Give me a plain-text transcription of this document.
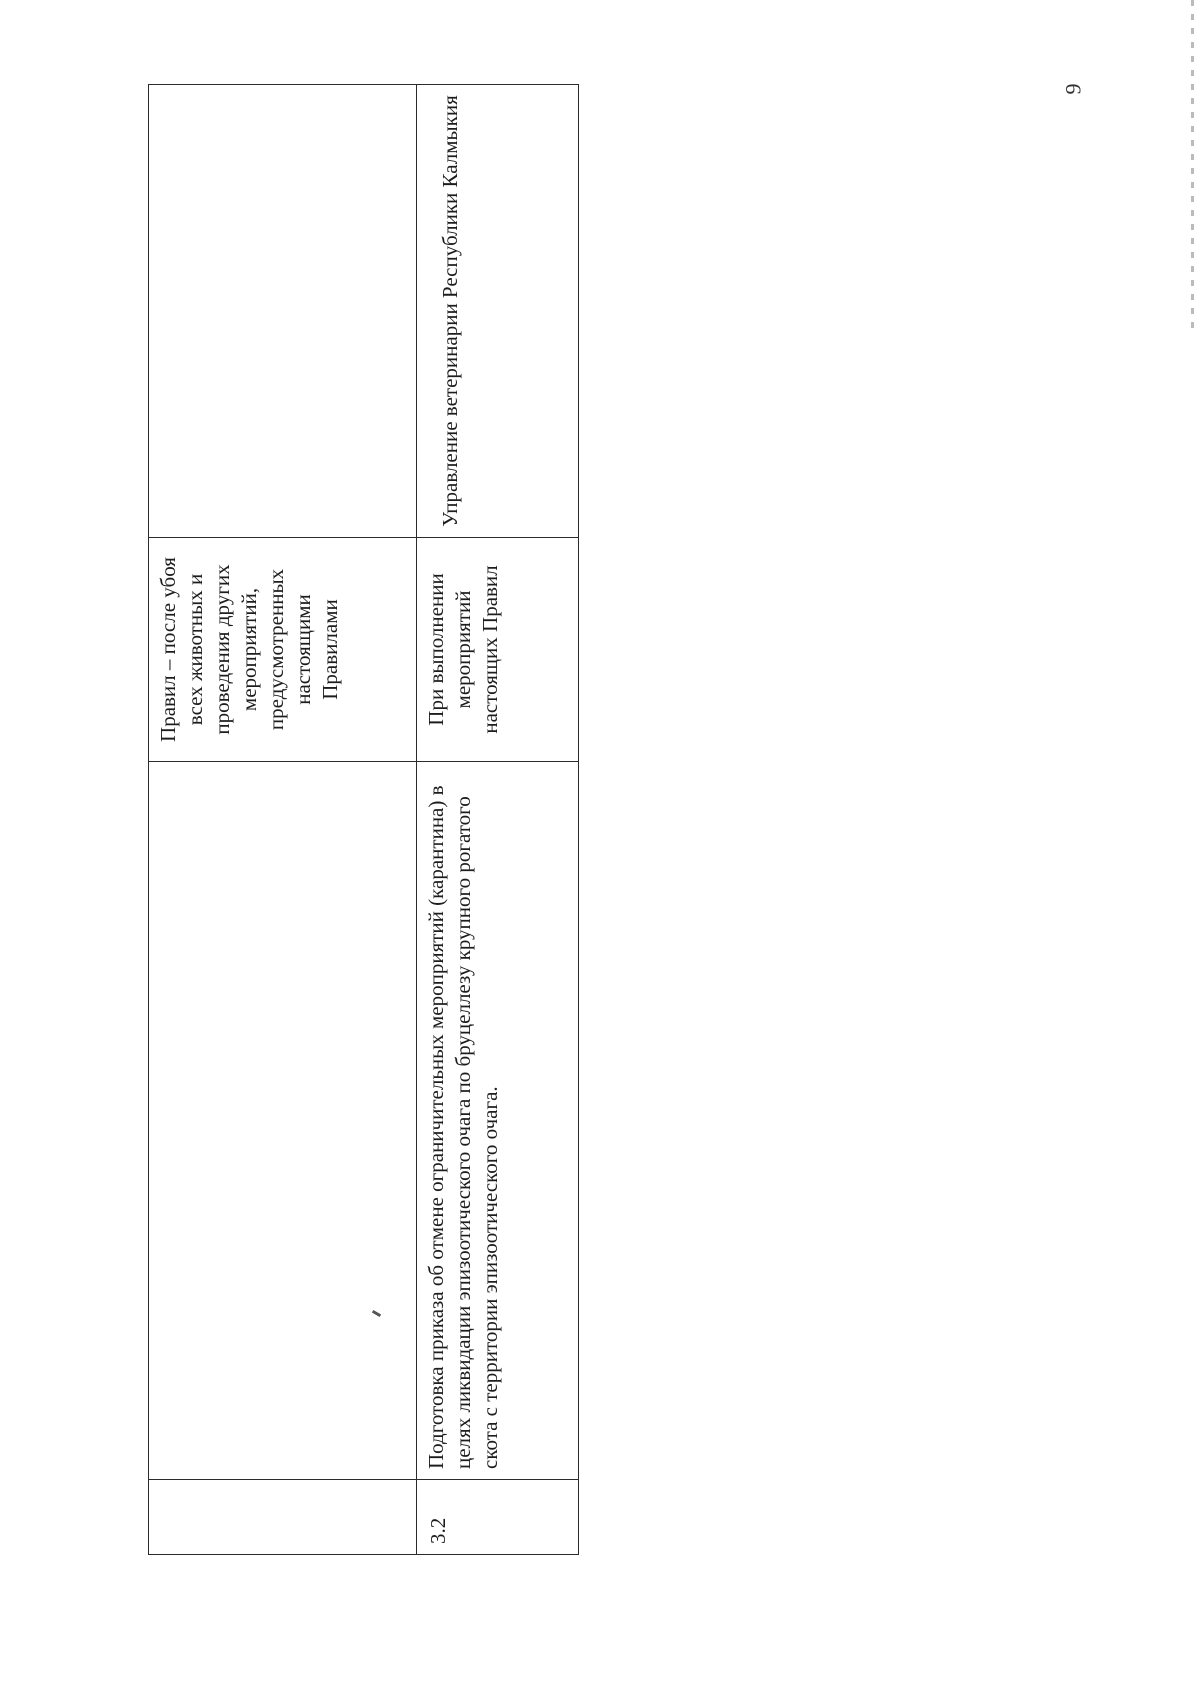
9
		Правил – после убоя всех животных и проведения других мероприятий, предусмотренных настоящими Правилами	
3.2	Подготовка приказа об отмене ограничительных мероприятий (карантина) в целях ликвидации эпизоотического очага по бруцеллезу крупного рогатого скота с территории эпизоотического очага.	При выполнении мероприятий настоящих Правил	Управление ветеринарии Республики Калмыкия
